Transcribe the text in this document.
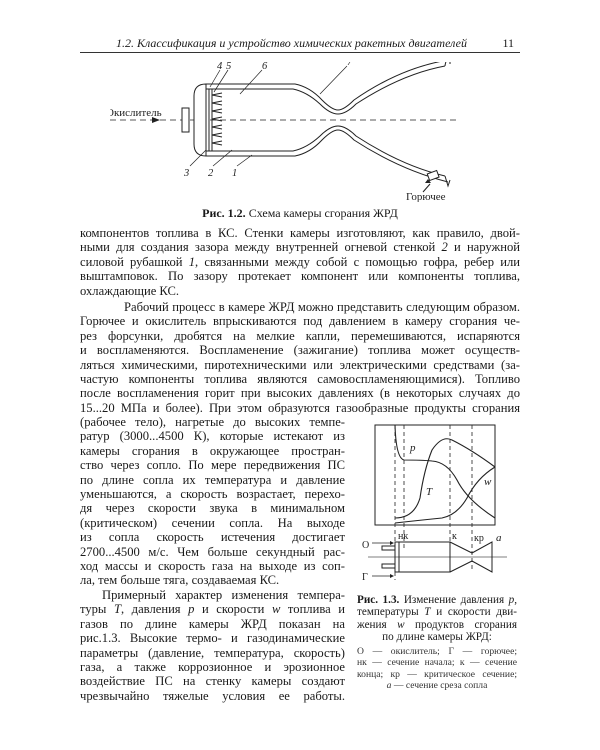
1.2. Классификация и устройство химических ракетных двигателей	11
Окислитель
Горючее
4 5	6	7
3 2 1
Рис. 1.2. Схема камеры сгорания ЖРД
компонентов топлива в КС. Стенки камеры изготовляют, как правило, двой-
ными для создания зазора между внутренней огневой стенкой 2 и наружной
силовой рубашкой 1, связанными между собой с помощью гофра, ребер или
выштамповок. По зазору протекает компонент или компоненты топлива,
охлаждающие КС.
Рабочий процесс в камере ЖРД можно представить следующим образом.
Горючее и окислитель впрыскиваются под давлением в камеру сгорания че-
рез форсунки, дробятся на мелкие капли, перемешиваются, испаряются
и воспламеняются. Воспламенение (зажигание) топлива может осуществ-
ляться химическими, пиротехническими или электрическими средствами (за-
частую компоненты топлива являются самовоспламеняющимися). Топливо
после воспламенения горит при высоких давлениях (в некоторых случаях до
15...20 МПа и более). При этом образуются газообразные продукты сгорания
(рабочее тело), нагретые до высоких темпе-
ратур (3000...4500 К), которые истекают из
камеры сгорания в окружающее простран-
ство через сопло. По мере передвижения ПС
по длине сопла их температура и давление
уменьшаются, а скорость возрастает, перехо-
дя через скорости звука в минимальном
(критическом) сечении сопла. На выходе
из сопла скорость истечения достигает
2700...4500 м/с. Чем больше секундный рас-
ход массы и скорость газа на выходе из соп-
ла, тем больше тяга, создаваемая КС.
Примерный характер изменения темпера-
туры T, давления p и скорости w топлива и
газов по длине камеры ЖРД показан на
рис.1.3. Высокие термо- и газодинамические
параметры (давление, температура, скорость)
газа, а также коррозионное и эрозионное
воздействие ПС на стенку камеры создают
чрезвычайно тяжелые условия ее работы.
p
T
w
a
нк	к кр
О
Г
Рис. 1.3. Изменение давления p,
температуры T и скорости дви-
жения w продуктов сгорания
по длине камеры ЖРД:
О — окислитель; Г — горючее;
нк — сечение начала; к — сечение
конца; кр — критическое сечение;
a — сечение среза сопла
